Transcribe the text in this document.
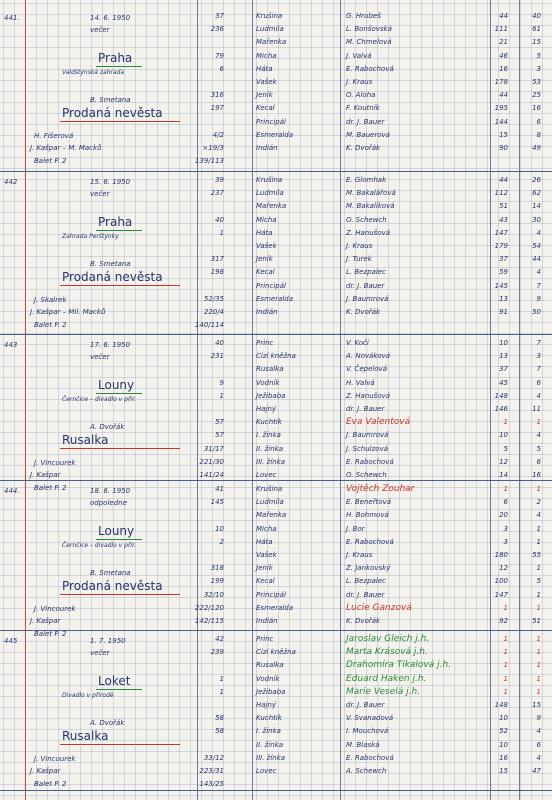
441.	14. 6. 1950
večer
Praha
Valdštýnská zahrada
B. Smetana
Prodaná nevěsta
H. Fišerová
J. Kašpar – M. Macků
Balet P. 2
37	Krušina	G. Hrubeš	44	40
236	Ludmila	L. Bonšovská	111	61
Mařenka	M. Chmelová	21	15
79	Micha	J. Valvá	46	5
6	Háta	E. Rabochová	16	3
Vašek	J. Kraus	178	53
316	Jeník	O. Aloha	44	25
197	Kecal	F. Koutník	195	16
Principál	dr. J. Bauer	144	6
4/2	Esmeralda	M. Bauerová	15	8
×19/3	Indián	K. Dvořák	90	49
139/113
442	15. 6. 1950
večer
Praha
Zahrada Perštýnky
B. Smetana
Prodaná nevěsta
J. Skalrek
J. Kašpar – Mil. Macků
Balet P. 2
39	Krušina	E. Glomhak	44	26
237	Ludmila	M. Bakalářová	112	62
Mařenka	M. Bakalíková	51	14
40	Micha	O. Schewch	43	30
1	Háta	Z. Hanušová	147	4
Vašek	J. Kraus	179	54
317	Jeník	J. Turek	37	44
198	Kecal	L. Bezpalec	59	4
Principál	dr. J. Bauer	145	7
52/35	Esmeralda	J. Baumrová	13	9
220/4	Indián	K. Dvořák	91	50
140/114
443	17. 6. 1950
večer
Louny
Černčice – divadlo v přír.
A. Dvořák
Rusalka
J. Vincourek
J. Kašpar
Balet P. 2
40	Princ	V. Kočí	10	7
231	Cizí kněžna	A. Nováková	13	3
Rusalka	V. Čepelová	37	7
9	Vodník	H. Valvá	45	6
1	Ježibaba	Z. Hanušová	148	4
Hajný	dr. J. Bauer	146	11
57	Kuchtík	Eva Valentová	1	1
57	I. žínka	J. Baumrová	10	4
31/17	II. žínka	J. Schulzová	5	5
221/30	III. žínka	E. Rabochová	12	6
141/24	Lovec	O. Schewch	14	16
444.	18. 6. 1950
odpoledne
Louny
Černčice – divadlo v přír.
B. Smetana
Prodaná nevěsta
J. Vincourek
J. Kašpar
Balet P. 2
41	Krušina	Vojtěch Zouhar	1	1
145	Ludmila	E. Beneřtová	6	2
Mařenka	H. Bohmová	20	4
10	Micha	J. Bor	3	1
2	Háta	E. Rabochová	3	1
Vašek	J. Kraus	180	55
318	Jeník	Z. Jankovský	12	1
199	Kecal	L. Bezpalec	100	5
32/10	Principál	dr. J. Bauer	147	1
222/120	Esmeralda	Lucie Ganzová	1	1
142/115	Indián	K. Dvořák	92	51
445	1. 7. 1950
večer
Loket
Divadlo v přírodě
A. Dvořák
Rusalka
J. Vincourek
J. Kašpar
Balet P. 2
42	Princ	Jaroslav Gleich j.h.	1	1
239	Cizí kněžna	Marta Krásová j.h.	1	1
Rusalka	Drahomíra Tikalová j.h.	1	1
1	Vodník	Eduard Haken j.h.	1	1
1	Ježibaba	Marie Veselá j.h.	1	1
Hajný	dr. J. Bauer	148	15
58	Kuchtík	V. Svanadová	10	9
58	I. žínka	I. Mouchová	52	4
II. žínka	M. Blaská	10	6
33/12	III. žínka	E. Rabochová	16	4
223/31	Lovec	A. Schewch	15	47
143/25
